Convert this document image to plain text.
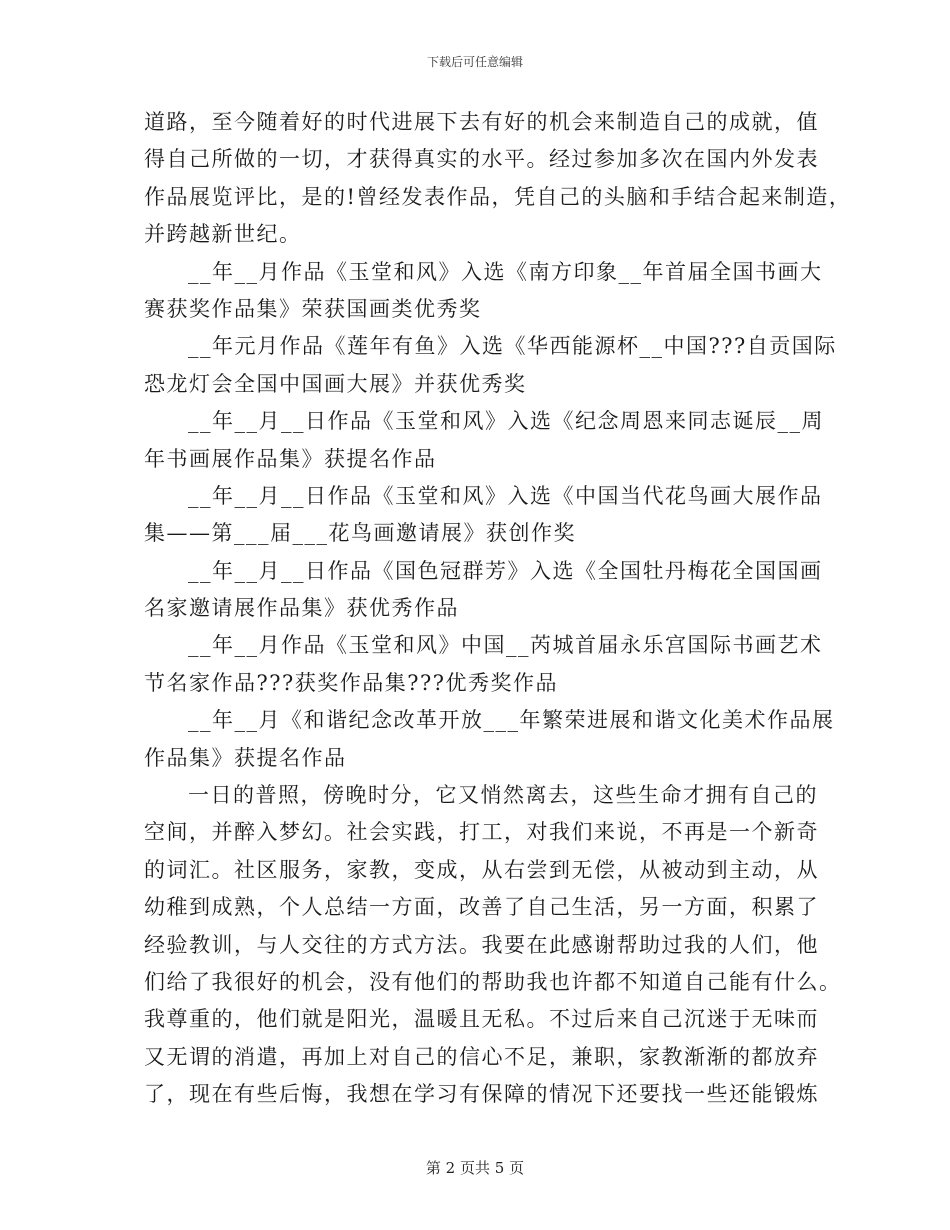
下载后可任意编辑
道路，至今随着好的时代进展下去有好的机会来制造自己的成就，值
得自己所做的一切，才获得真实的水平。经过参加多次在国内外发表
作品展览评比，是的!曾经发表作品，凭自己的头脑和手结合起来制造，
并跨越新世纪。
__年__月作品《玉堂和风》入选《南方印象__年首届全国书画大
赛获奖作品集》荣获国画类优秀奖
__年元月作品《莲年有鱼》入选《华西能源杯__中国???自贡国际
恐龙灯会全国中国画大展》并获优秀奖
__年__月__日作品《玉堂和风》入选《纪念周恩来同志诞辰__周
年书画展作品集》获提名作品
__年__月__日作品《玉堂和风》入选《中国当代花鸟画大展作品
集——第___届___花鸟画邀请展》获创作奖
__年__月__日作品《国色冠群芳》入选《全国牡丹梅花全国国画
名家邀请展作品集》获优秀作品
__年__月作品《玉堂和风》中国__芮城首届永乐宫国际书画艺术
节名家作品???获奖作品集???优秀奖作品
__年__月《和谐纪念改革开放___年繁荣进展和谐文化美术作品展
作品集》获提名作品
一日的普照，傍晚时分，它又悄然离去，这些生命才拥有自己的
空间，并醉入梦幻。社会实践，打工，对我们来说，不再是一个新奇
的词汇。社区服务，家教，变成，从右尝到无偿，从被动到主动，从
幼稚到成熟，个人总结一方面，改善了自己生活，另一方面，积累了
经验教训，与人交往的方式方法。我要在此感谢帮助过我的人们，他
们给了我很好的机会，没有他们的帮助我也许都不知道自己能有什么。
我尊重的，他们就是阳光，温暖且无私。不过后来自己沉迷于无味而
又无谓的消遣，再加上对自己的信心不足，兼职，家教渐渐的都放弃
了，现在有些后悔，我想在学习有保障的情况下还要找一些还能锻炼
第 2 页共 5 页
